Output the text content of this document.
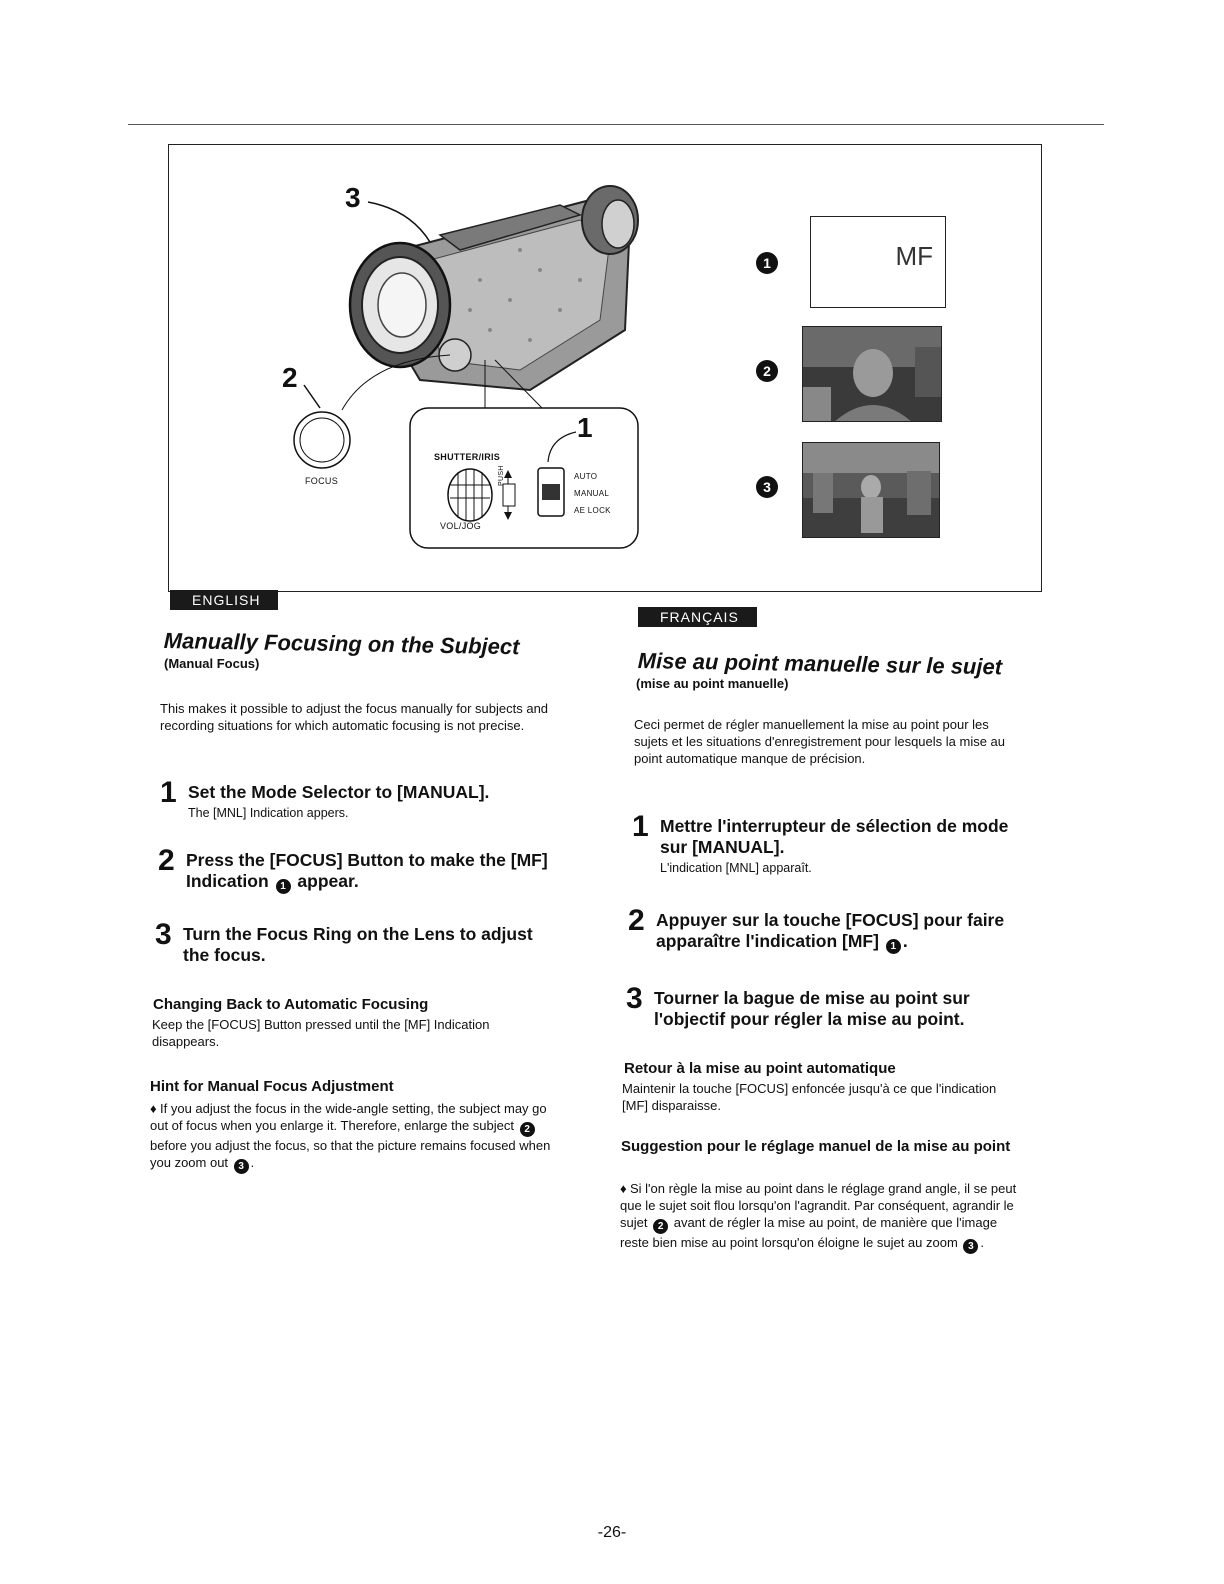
3
2
1
FOCUS
SHUTTER/IRIS
PUSH
VOL/JOG
AUTO
MANUAL
AE LOCK
1
2
3
MF
ENGLISH
Manually Focusing on the Subject
(Manual Focus)
This makes it possible to adjust the focus manually for subjects and recording situations for which automatic focusing is not precise.
1 Set the Mode Selector to [MANUAL].
The [MNL] Indication appers.
2 Press the [FOCUS] Button to make the [MF] Indication 1 appear.
3 Turn the Focus Ring on the Lens to adjust the focus.
Changing Back to Automatic Focusing
Keep the [FOCUS] Button pressed until the [MF] Indication disappears.
Hint for Manual Focus Adjustment
♦ If you adjust the focus in the wide-angle setting, the subject may go out of focus when you enlarge it. Therefore, enlarge the subject 2 before you adjust the focus, so that the picture remains focused when you zoom out 3 .
FRANÇAIS
Mise au point manuelle sur le sujet
(mise au point manuelle)
Ceci permet de régler manuellement la mise au point pour les sujets et les situations d'enregistrement pour lesquels la mise au point automatique manque de précision.
1 Mettre l'interrupteur de sélection de mode sur [MANUAL].
L'indication [MNL] apparaît.
2 Appuyer sur la touche [FOCUS] pour faire apparaître l'indication [MF] 1 .
3 Tourner la bague de mise au point sur l'objectif pour régler la mise au point.
Retour à la mise au point automatique
Maintenir la touche [FOCUS] enfoncée jusqu'à ce que l'indication [MF] disparaisse.
Suggestion pour le réglage manuel de la mise au point
♦ Si l'on règle la mise au point dans le réglage grand angle, il se peut que le sujet soit flou lorsqu'on l'agrandit. Par conséquent, agrandir le sujet 2 avant de régler la mise au point, de manière que l'image reste bien mise au point lorsqu'on éloigne le sujet au zoom 3 .
-26-
